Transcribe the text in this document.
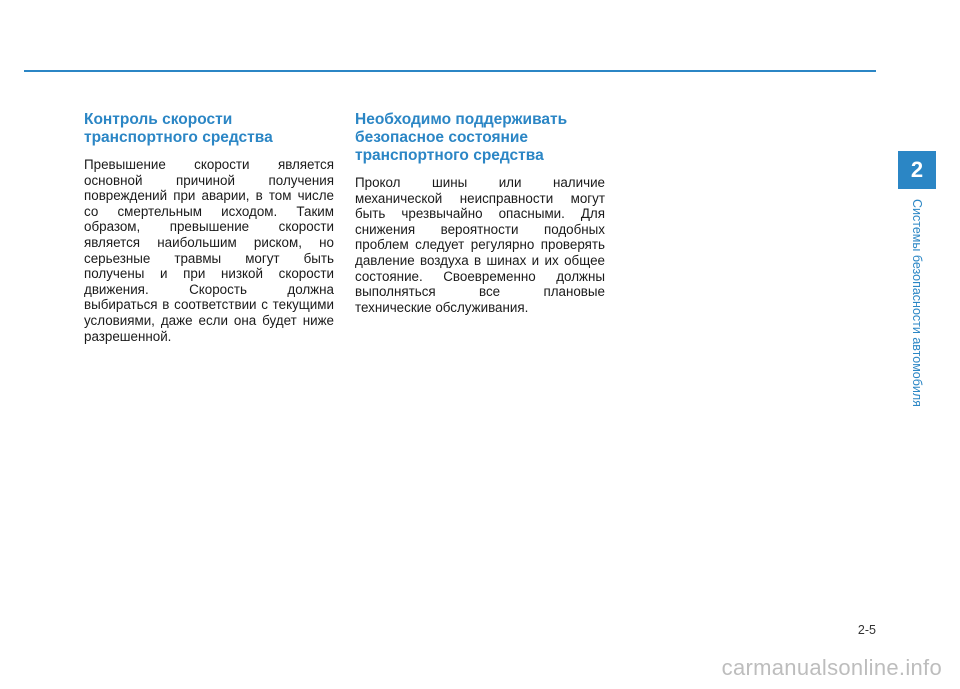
Контроль скорости
транспортного средства

Превышение скорости является основной причиной получения повреждений при аварии, в том числе со смертельным исходом. Таким образом, превышение скорости является наибольшим риском, но серьезные травмы могут быть получены и при низкой скорости движения. Скорость	должна выбираться в соответствии с текущими условиями, даже если она будет ниже разрешенной.

Необходимо поддерживать
безопасное состояние
транспортного средства

Прокол шины или наличие механической неисправности могут быть чрезвычайно опасными. Для снижения вероятности подобных проблем следует регулярно проверять давление воздуха в шинах и их общее состояние. Своевременно должны выполняться все плановые технические обслуживания.

2
Системы безопасности автомобиля
2-5
carmanualsonline.info
